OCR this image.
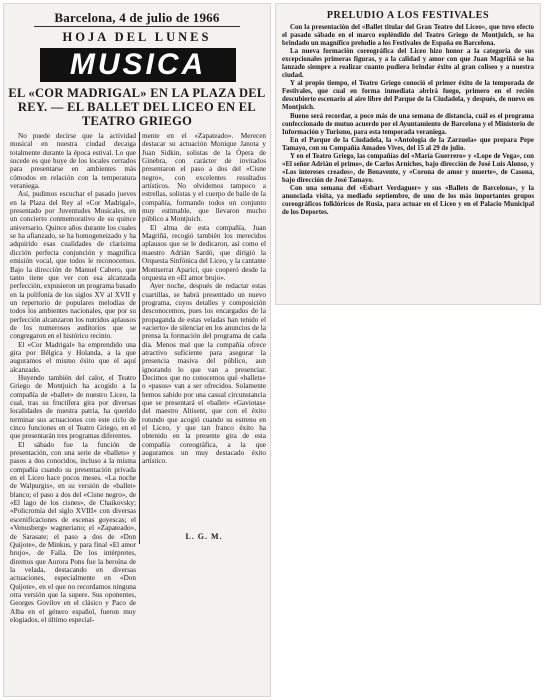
Barcelona, 4 de julio de 1966
HOJA DEL LUNES
MUSICA
EL «COR MADRIGAL» EN LA PLAZA DEL REY. — EL BALLET DEL LICEO EN EL TEATRO GRIEGO

No puede decirse que la actividad musical en nuestra ciudad decaiga totalmente durante la época estival. Lo que sucede es que huye de los locales cerrados para presentarse en ambientes más cómodos en relación con la temperatura veraniega.

Así, pudimos escuchar el pasado jueves en la Plaza del Rey al «Cor Madrigal», presentado por Juventudes Musicales, en un concierto conmemorativo de su quince aniversario. Quince años durante los cuales se ha afianzado, se ha homogeneizado y ha adquirido esas cualidades de clarísima dicción perfecta conjunción y magnífica emisión vocal, que todos le reconocemos. Bajo la dirección de Manuel Cabero, que tanto tiene que ver con esa alcanzada perfección, expusieron un programa basado en la polifonía de los siglos XV al XVII y un repertorio de populares melodías de todos los ambientes nacionales, que por su perfección alcanzaron los nutridos aplausos de los numerosos auditorios que se congregaron en el histórico recinto.

El «Cor Madrigal» ha emprendido una gira por Bélgica y Holanda, a la que auguramos el mismo éxito que el aquí alcanzado.

Huyendo también del calor, el Teatro Griego de Montjuich ha acogido a la compañía de «ballet» de nuestro Liceo, la cual, tras su fructífera gira por diversas localidades de nuestra patria, ha querido terminar sus actuaciones con este ciclo de cinco funciones en el Teatro Griego, en el que presentarán tres programas diferentes.

El sábado fue la función de presentación, con una serie de «ballets» y pasos a dos conocidos, incluso a la misma compañía cuando su presentación privada en el Liceo hace pocos meses. «La noche de Walpurgis», en su versión de «ballet» blanco; el paso a dos del «Cisne negro», de «El lago de los cisnes», de Chaikovsky; «Policromía del siglo XVIII» con diversas escenificaciones de escenas goyescas; el «Venusberg» wagneriano; el «Zapateado», de Sarasate; el paso a dos de «Don Quijote», de Minkus, y para final «El amor brujo», de Falla. De los intérpretes, diremos que Aurora Pons fue la heroína de la velada, destacando en diversas actuaciones, especialmente en «Don Quijote», en el que no recordamos ninguna otra versión que la supere. Sus oponentes, Georges Govilov en el clásico y Paco de Alba en el género español, fueron muy elogiados, el último especial-

mente en el «Zapateado». Merecen destacar su actuación Monique Janota y Juan Sidkin, solistas de la Ópera de Ginebra, con carácter de invitados presentaron el paso a dos del «Cisne negro», con excelentes resultados artísticos. No olvidemos tampoco a estrellas, solistas y el cuerpo de baile de la compañía, formando todos un conjunto muy estimable, que llevaron mucho público a Montjuich.

El alma de esta compañía, Juan Magriñá, recogió también los merecidos aplausos que se le dedicaron, así como el maestro Adrián Sardó, que dirigió la Orquesta Sinfónica del Liceo, y la cantante Montserrat Aparici, que cooperó desde la orquesta en «El amor brujo».

Ayer noche, después de redactar estas cuartillas, se habrá presentado un nuevo programa, cuyos detalles y composición desconocemos, pues los encargados de la propaganda de estas veladas han tenido el «acierto» de silenciar en los anuncios de la prensa la formación del programa de cada día. Menos mal que la compañía ofrece atractivo suficiente para asegurar la presencia masiva del público, aun ignorando lo que van a presenciar. Decimos que no conocemos qué «ballets» o «pasos» van a ser ofrecidos. Solamente hemos sabido por una casual circunstancia que se presentará el «ballet» «Gaviotas» del maestro Altisent, que con el éxito rotundo que acogió cuando su estreno en el Liceo, y que tan franco éxito ha obtenido en la presente gira de esta compañía coreográfica, a la que auguramos un muy destacado éxito artístico.

L. G. M.
PRELUDIO A LOS FESTIVALES

Con la presentación del «Ballet titular del Gran Teatro del Liceo», que tuvo efecto el pasado sábado en el marco espléndido del Teatro Griego de Montjuich, se ha brindado un magnífico preludio a los Festivales de España en Barcelona.

La nueva formación coreográfica del Liceo hizo honor a la categoría de sus excepcionales primeras figuras, y a la calidad y amor con que Juan Magriñá se ha lanzado siempre a realizar cuanto pudiera brindar éxito al gran coliseo y a nuestra ciudad.

Y al propio tiempo, el Teatro Griego conoció el primer éxito de la temporada de Festivales, que cual en forma inmediata abrirá fuego, primero en el recién descubierto escenario al aire libre del Parque de la Ciudadela, y después, de nuevo en Montjuich.

Bueno será recordar, a poco más de una semana de distancia, cuál es el programa confeccionado de mutuo acuerdo por el Ayuntamiento de Barcelona y el Ministerio de Información y Turismo, para esta temporada veraniega.

En el Parque de la Ciudadela, la «Antología de la Zarzuela» que prepara Pepe Tamayo, con su Compañía Amadeo Vives, del 15 al 29 de julio.

Y en el Teatro Griego, las compañías del «María Guerrero» y «Lope de Vega», con «El señor Adrián el primo», de Carlos Arniches, bajo dirección de José Luis Alonso, y «Los intereses creados», de Benavente, y «Corona de amor y muerte», de Casona, bajo dirección de José Tamayo.

Con una semana del «Esbart Verdaguer» y sus «Ballets de Barcelona», y la anunciada visita, ya mediado septiembre, de uno de los más importantes grupos coreográficos folklóricos de Rusia, para actuar en el Liceo y en el Palacio Municipal de los Deportes.
